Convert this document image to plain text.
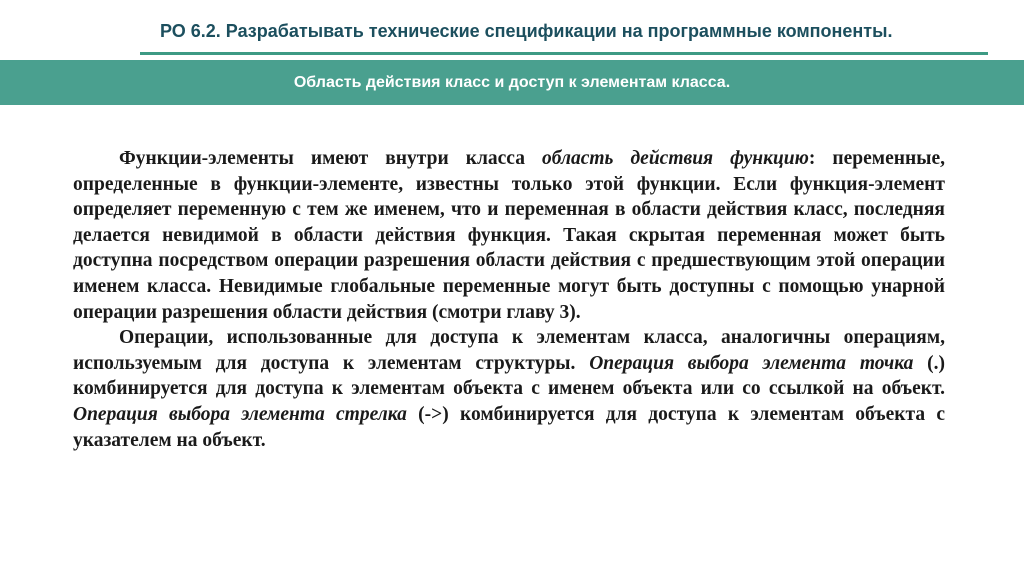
РО 6.2. Разрабатывать технические спецификации на программные компоненты.
Область действия класс и доступ к элементам класса.

Функции-элементы имеют внутри класса область действия функцию: переменные, определенные в функции-элементе, известны только этой функции. Если функция-элемент определяет переменную с тем же именем, что и переменная в области действия класс, последняя делается невидимой в области действия функция. Такая скрытая переменная может быть доступна посредством операции разрешения области действия с предшествующим этой операции именем класса. Невидимые глобальные переменные могут быть доступны с помощью унарной операции разрешения области действия (смотри главу 3).

Операции, использованные для доступа к элементам класса, аналогичны операциям, используемым для доступа к элементам структуры. Операция выбора элемента точка (.) комбинируется для доступа к элементам объекта с именем объекта или со ссылкой на объект. Операция выбора элемента стрелка (->) комбинируется для доступа к элементам объекта с указателем на объект.
